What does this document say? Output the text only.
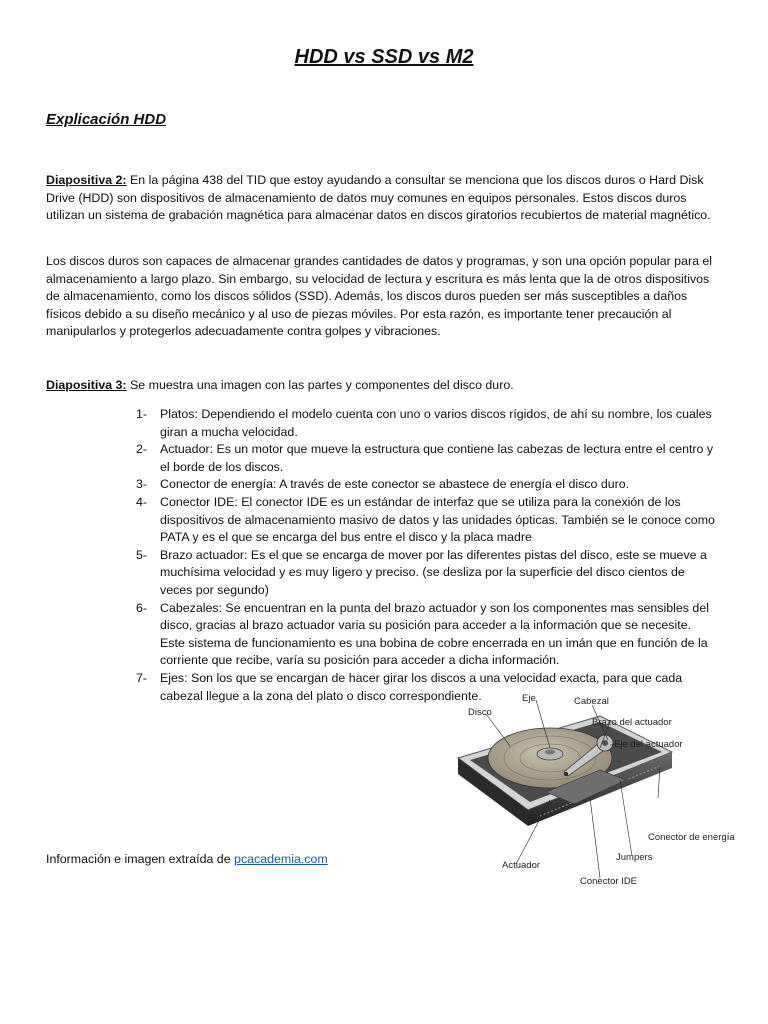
HDD vs SSD vs M2
Explicación HDD

Diapositiva 2: En la página 438 del TID que estoy ayudando a consultar se menciona que los discos duros o Hard Disk Drive (HDD) son dispositivos de almacenamiento de datos muy comunes en equipos personales. Estos discos duros utilizan un sistema de grabación magnética para almacenar datos en discos giratorios recubiertos de material magnético.

Los discos duros son capaces de almacenar grandes cantidades de datos y programas, y son una opción popular para el almacenamiento a largo plazo. Sin embargo, su velocidad de lectura y escritura es más lenta que la de otros dispositivos de almacenamiento, como los discos sólidos (SSD). Además, los discos duros pueden ser más susceptibles a daños físicos debido a su diseño mecánico y al uso de piezas móviles. Por esta razón, es importante tener precaución al manipularlos y protegerlos adecuadamente contra golpes y vibraciones.

Diapositiva 3: Se muestra una imagen con las partes y componentes del disco duro.

1- Platos: Dependiendo el modelo cuenta con uno o varios discos rígidos, de ahí su nombre, los cuales giran a mucha velocidad.
2- Actuador: Es un motor que mueve la estructura que contiene las cabezas de lectura entre el centro y el borde de los discos.
3- Conector de energía: A través de este conector se abastece de energía el disco duro.
4- Conector IDE: El conector IDE es un estándar de interfaz que se utiliza para la conexión de los dispositivos de almacenamiento masivo de datos y las unidades ópticas. También se le conoce como PATA y es el que se encarga del bus entre el disco y la placa madre
5- Brazo actuador: Es el que se encarga de mover por las diferentes pistas del disco, este se mueve a muchísima velocidad y es muy ligero y preciso. (se desliza por la superficie del disco cientos de veces por segundo)
6- Cabezales: Se encuentran en la punta del brazo actuador y son los componentes mas sensibles del disco, gracias al brazo actuador varia su posición para acceder a la información que se necesite. Este sistema de funcionamiento es una bobina de cobre encerrada en un imán que en función de la corriente que recibe, varía su posición para acceder a dicha información.
7- Ejes: Son los que se encargan de hacer girar los discos a una velocidad exacta, para que cada cabezal llegue a la zona del plato o disco correspondiente.	Eje	Cabezal
Disco
Brazo del actuador
Eje del actuador
Conector de energía
Jumpers
Actuador
Conector IDE
Información e imagen extraída de pcacademia.com
